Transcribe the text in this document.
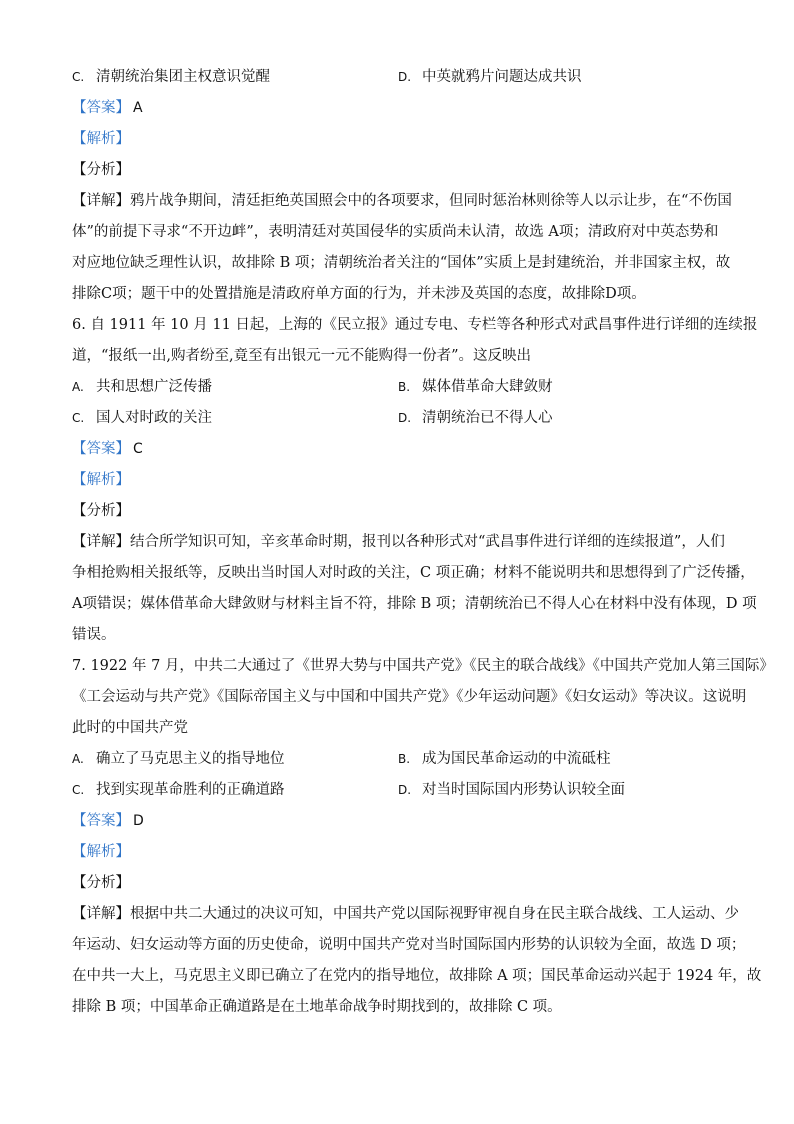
C. 清朝统治集团主权意识觉醒	D. 中英就鸦片问题达成共识
【答案】 A
【解析】
【分析】
【详解】鸦片战争期间，清廷拒绝英国照会中的各项要求，但同时惩治林则徐等人以示让步，在“不伤国
体”的前提下寻求“不开边衅”，表明清廷对英国侵华的实质尚未认清，故选 A项；清政府对中英态势和
对应地位缺乏理性认识，故排除 B 项；清朝统治者关注的“国体”实质上是封建统治，并非国家主权，故
排除C项；题干中的处置措施是清政府单方面的行为，并未涉及英国的态度，故排除D项。
6. 自 1911 年 10 月 11 日起，上海的《民立报》通过专电、专栏等各种形式对武昌事件进行详细的连续报
道，“报纸一出,购者纷至,竟至有出银元一元不能购得一份者”。这反映出
A. 共和思想广泛传播	B. 媒体借革命大肆敛财
C. 国人对时政的关注	D. 清朝统治已不得人心
【答案】 C
【解析】
【分析】
【详解】结合所学知识可知，辛亥革命时期，报刊以各种形式对“武昌事件进行详细的连续报道”，人们
争相抢购相关报纸等，反映出当时国人对时政的关注，C 项正确；材料不能说明共和思想得到了广泛传播，
A项错误；媒体借革命大肆敛财与材料主旨不符，排除 B 项；清朝统治已不得人心在材料中没有体现，D 项
错误。
7. 1922 年 7 月，中共二大通过了《世界大势与中国共产党》《民主的联合战线》《中国共产党加人第三国际》
《工会运动与共产党》《国际帝国主义与中国和中国共产党》《少年运动问题》《妇女运动》等决议。这说明
此时的中国共产党
A. 确立了马克思主义的指导地位	B. 成为国民革命运动的中流砥柱
C. 找到实现革命胜利的正确道路	D. 对当时国际国内形势认识较全面
【答案】 D
【解析】
【分析】
【详解】根据中共二大通过的决议可知，中国共产党以国际视野审视自身在民主联合战线、工人运动、少
年运动、妇女运动等方面的历史使命，说明中国共产党对当时国际国内形势的认识较为全面，故选 D 项；
在中共一大上，马克思主义即已确立了在党内的指导地位，故排除 A 项；国民革命运动兴起于 1924 年，故
排除 B 项；中国革命正确道路是在土地革命战争时期找到的，故排除 C 项。
